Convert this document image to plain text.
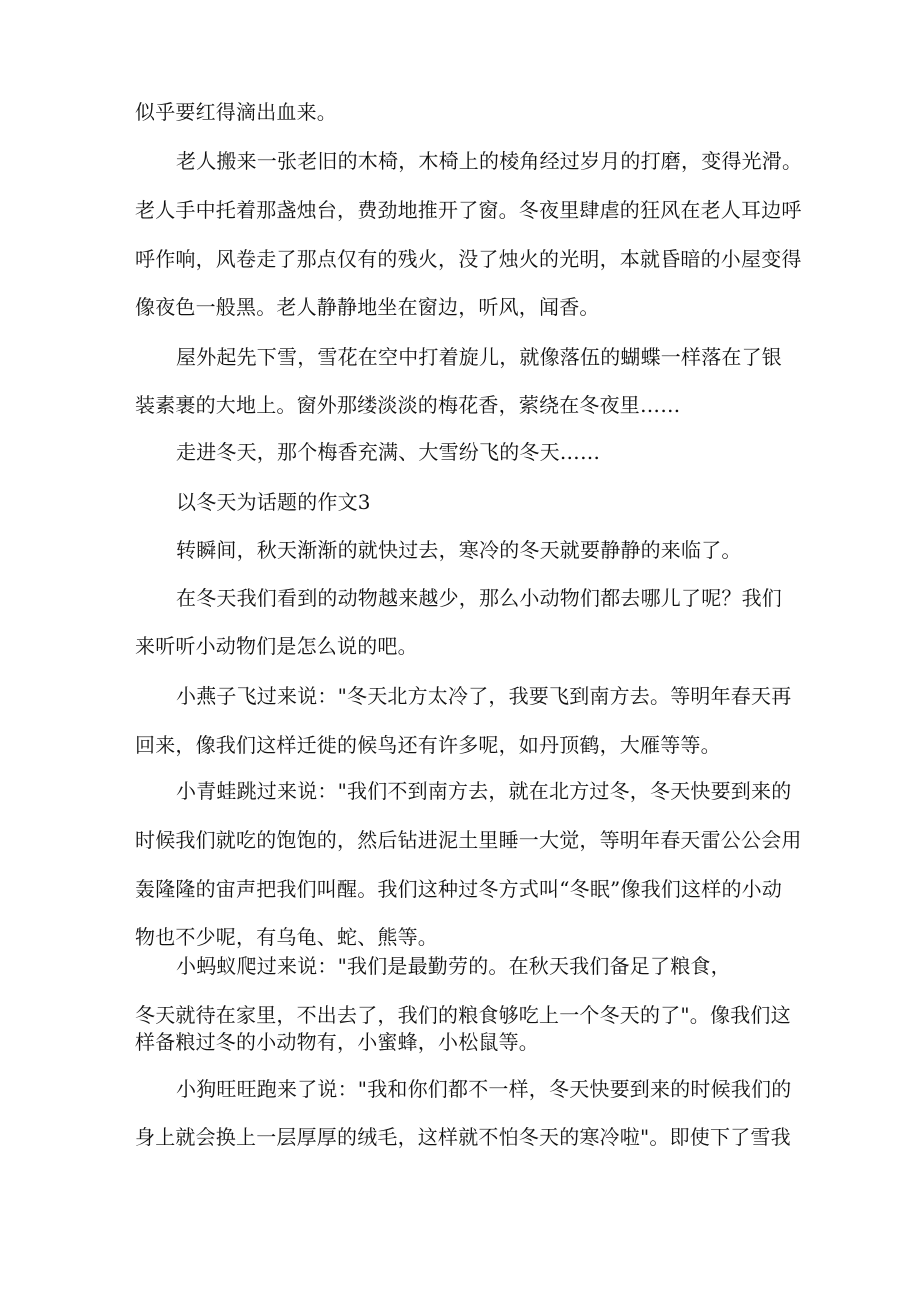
似乎要红得滴出血来。
老人搬来一张老旧的木椅，木椅上的棱角经过岁月的打磨，变得光滑。
老人手中托着那盏烛台，费劲地推开了窗。冬夜里肆虐的狂风在老人耳边呼
呼作响，风卷走了那点仅有的残火，没了烛火的光明，本就昏暗的小屋变得
像夜色一般黑。老人静静地坐在窗边，听风，闻香。
屋外起先下雪，雪花在空中打着旋儿，就像落伍的蝴蝶一样落在了银
装素裹的大地上。窗外那缕淡淡的梅花香，萦绕在冬夜里……
走进冬天，那个梅香充满、大雪纷飞的冬天……
以冬天为话题的作文3
转瞬间，秋天渐渐的就快过去，寒冷的冬天就要静静的来临了。
在冬天我们看到的动物越来越少，那么小动物们都去哪儿了呢？我们
来听听小动物们是怎么说的吧。
小燕子飞过来说："冬天北方太冷了，我要飞到南方去。等明年春天再
回来，像我们这样迁徙的候鸟还有许多呢，如丹顶鹤，大雁等等。
小青蛙跳过来说："我们不到南方去，就在北方过冬，冬天快要到来的
时候我们就吃的饱饱的，然后钻进泥土里睡一大觉，等明年春天雷公公会用
轰隆隆的宙声把我们叫醒。我们这种过冬方式叫“冬眠”像我们这样的小动
物也不少呢，有乌龟、蛇、熊等。
小蚂蚁爬过来说："我们是最勤劳的。在秋天我们备足了粮食，
冬天就待在家里，不出去了，我们的粮食够吃上一个冬天的了"。像我们这
样备粮过冬的小动物有，小蜜蜂，小松鼠等。
小狗旺旺跑来了说："我和你们都不一样，冬天快要到来的时候我们的
身上就会换上一层厚厚的绒毛，这样就不怕冬天的寒冷啦"。即使下了雪我
